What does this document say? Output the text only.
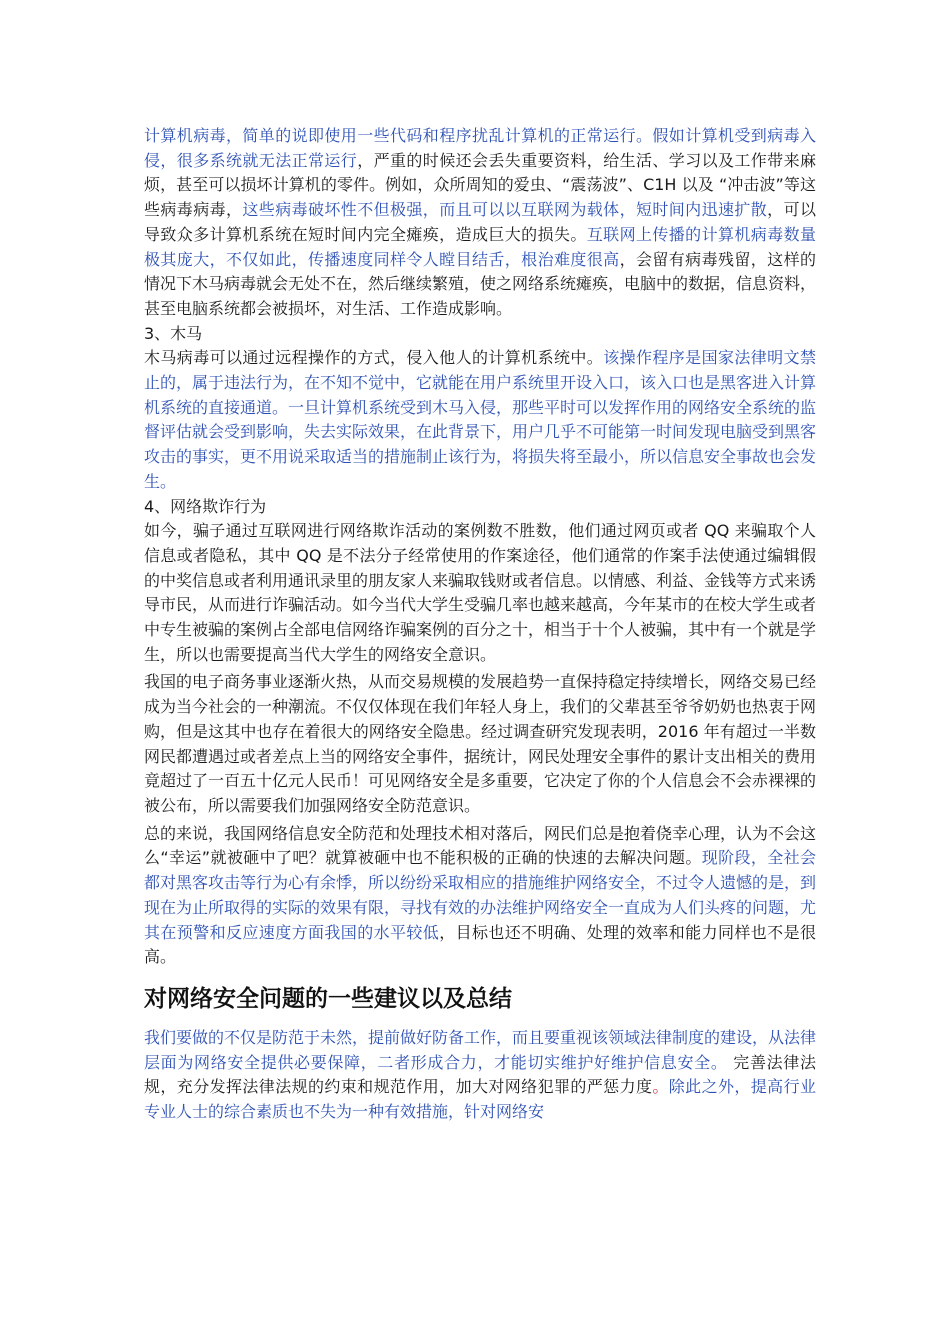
计算机病毒，简单的说即使用一些代码和程序扰乱计算机的正常运行。假如计算机受到病毒入侵，很多系统就无法正常运行，严重的时候还会丢失重要资料，给生活、学习以及工作带来麻烦，甚至可以损坏计算机的零件。例如，众所周知的爱虫、“震荡波”、C1H 以及 “冲击波”等这些病毒病毒，这些病毒破坏性不但极强，而且可以以互联网为载体，短时间内迅速扩散，可以导致众多计算机系统在短时间内完全瘫痪，造成巨大的损失。互联网上传播的计算机病毒数量极其庞大，不仅如此，传播速度同样令人瞠目结舌，根治难度很高，会留有病毒残留，这样的情况下木马病毒就会无处不在，然后继续繁殖，使之网络系统瘫痪，电脑中的数据，信息资料，甚至电脑系统都会被损坏，对生活、工作造成影响。

3、木马

木马病毒可以通过远程操作的方式，侵入他人的计算机系统中。该操作程序是国家法律明文禁止的，属于违法行为，在不知不觉中，它就能在用户系统里开设入口，该入口也是黑客进入计算机系统的直接通道。一旦计算机系统受到木马入侵，那些平时可以发挥作用的网络安全系统的监督评估就会受到影响，失去实际效果，在此背景下，用户几乎不可能第一时间发现电脑受到黑客攻击的事实，更不用说采取适当的措施制止该行为，将损失将至最小，所以信息安全事故也会发生。

4、网络欺诈行为

如今，骗子通过互联网进行网络欺诈活动的案例数不胜数，他们通过网页或者 QQ 来骗取个人信息或者隐私，其中 QQ 是不法分子经常使用的作案途径，他们通常的作案手法使通过编辑假的中奖信息或者利用通讯录里的朋友家人来骗取钱财或者信息。以情感、利益、金钱等方式来诱导市民，从而进行诈骗活动。如今当代大学生受骗几率也越来越高，今年某市的在校大学生或者中专生被骗的案例占全部电信网络诈骗案例的百分之十，相当于十个人被骗，其中有一个就是学生，所以也需要提高当代大学生的网络安全意识。

我国的电子商务事业逐渐火热，从而交易规模的发展趋势一直保持稳定持续增长，网络交易已经成为当今社会的一种潮流。不仅仅体现在我们年轻人身上，我们的父辈甚至爷爷奶奶也热衷于网购，但是这其中也存在着很大的网络安全隐患。经过调查研究发现表明，2016 年有超过一半数网民都遭遇过或者差点上当的网络安全事件，据统计，网民处理安全事件的累计支出相关的费用竟超过了一百五十亿元人民币！可见网络安全是多重要，它决定了你的个人信息会不会赤裸裸的被公布，所以需要我们加强网络安全防范意识。

总的来说，我国网络信息安全防范和处理技术相对落后，网民们总是抱着侥幸心理，认为不会这么“幸运”就被砸中了吧？就算被砸中也不能积极的正确的快速的去解决问题。现阶段，全社会都对黑客攻击等行为心有余悸，所以纷纷采取相应的措施维护网络安全，不过令人遗憾的是，到现在为止所取得的实际的效果有限，寻找有效的办法维护网络安全一直成为人们头疼的问题，尤其在预警和反应速度方面我国的水平较低，目标也还不明确、处理的效率和能力同样也不是很高。

对网络安全问题的一些建议以及总结

我们要做的不仅是防范于未然，提前做好防备工作，而且要重视该领域法律制度的建设，从法律层面为网络安全提供必要保障，二者形成合力，才能切实维护好维护信息安全。 完善法律法规，充分发挥法律法规的约束和规范作用，加大对网络犯罪的严惩力度。除此之外，提高行业专业人士的综合素质也不失为一种有效措施，针对网络安
